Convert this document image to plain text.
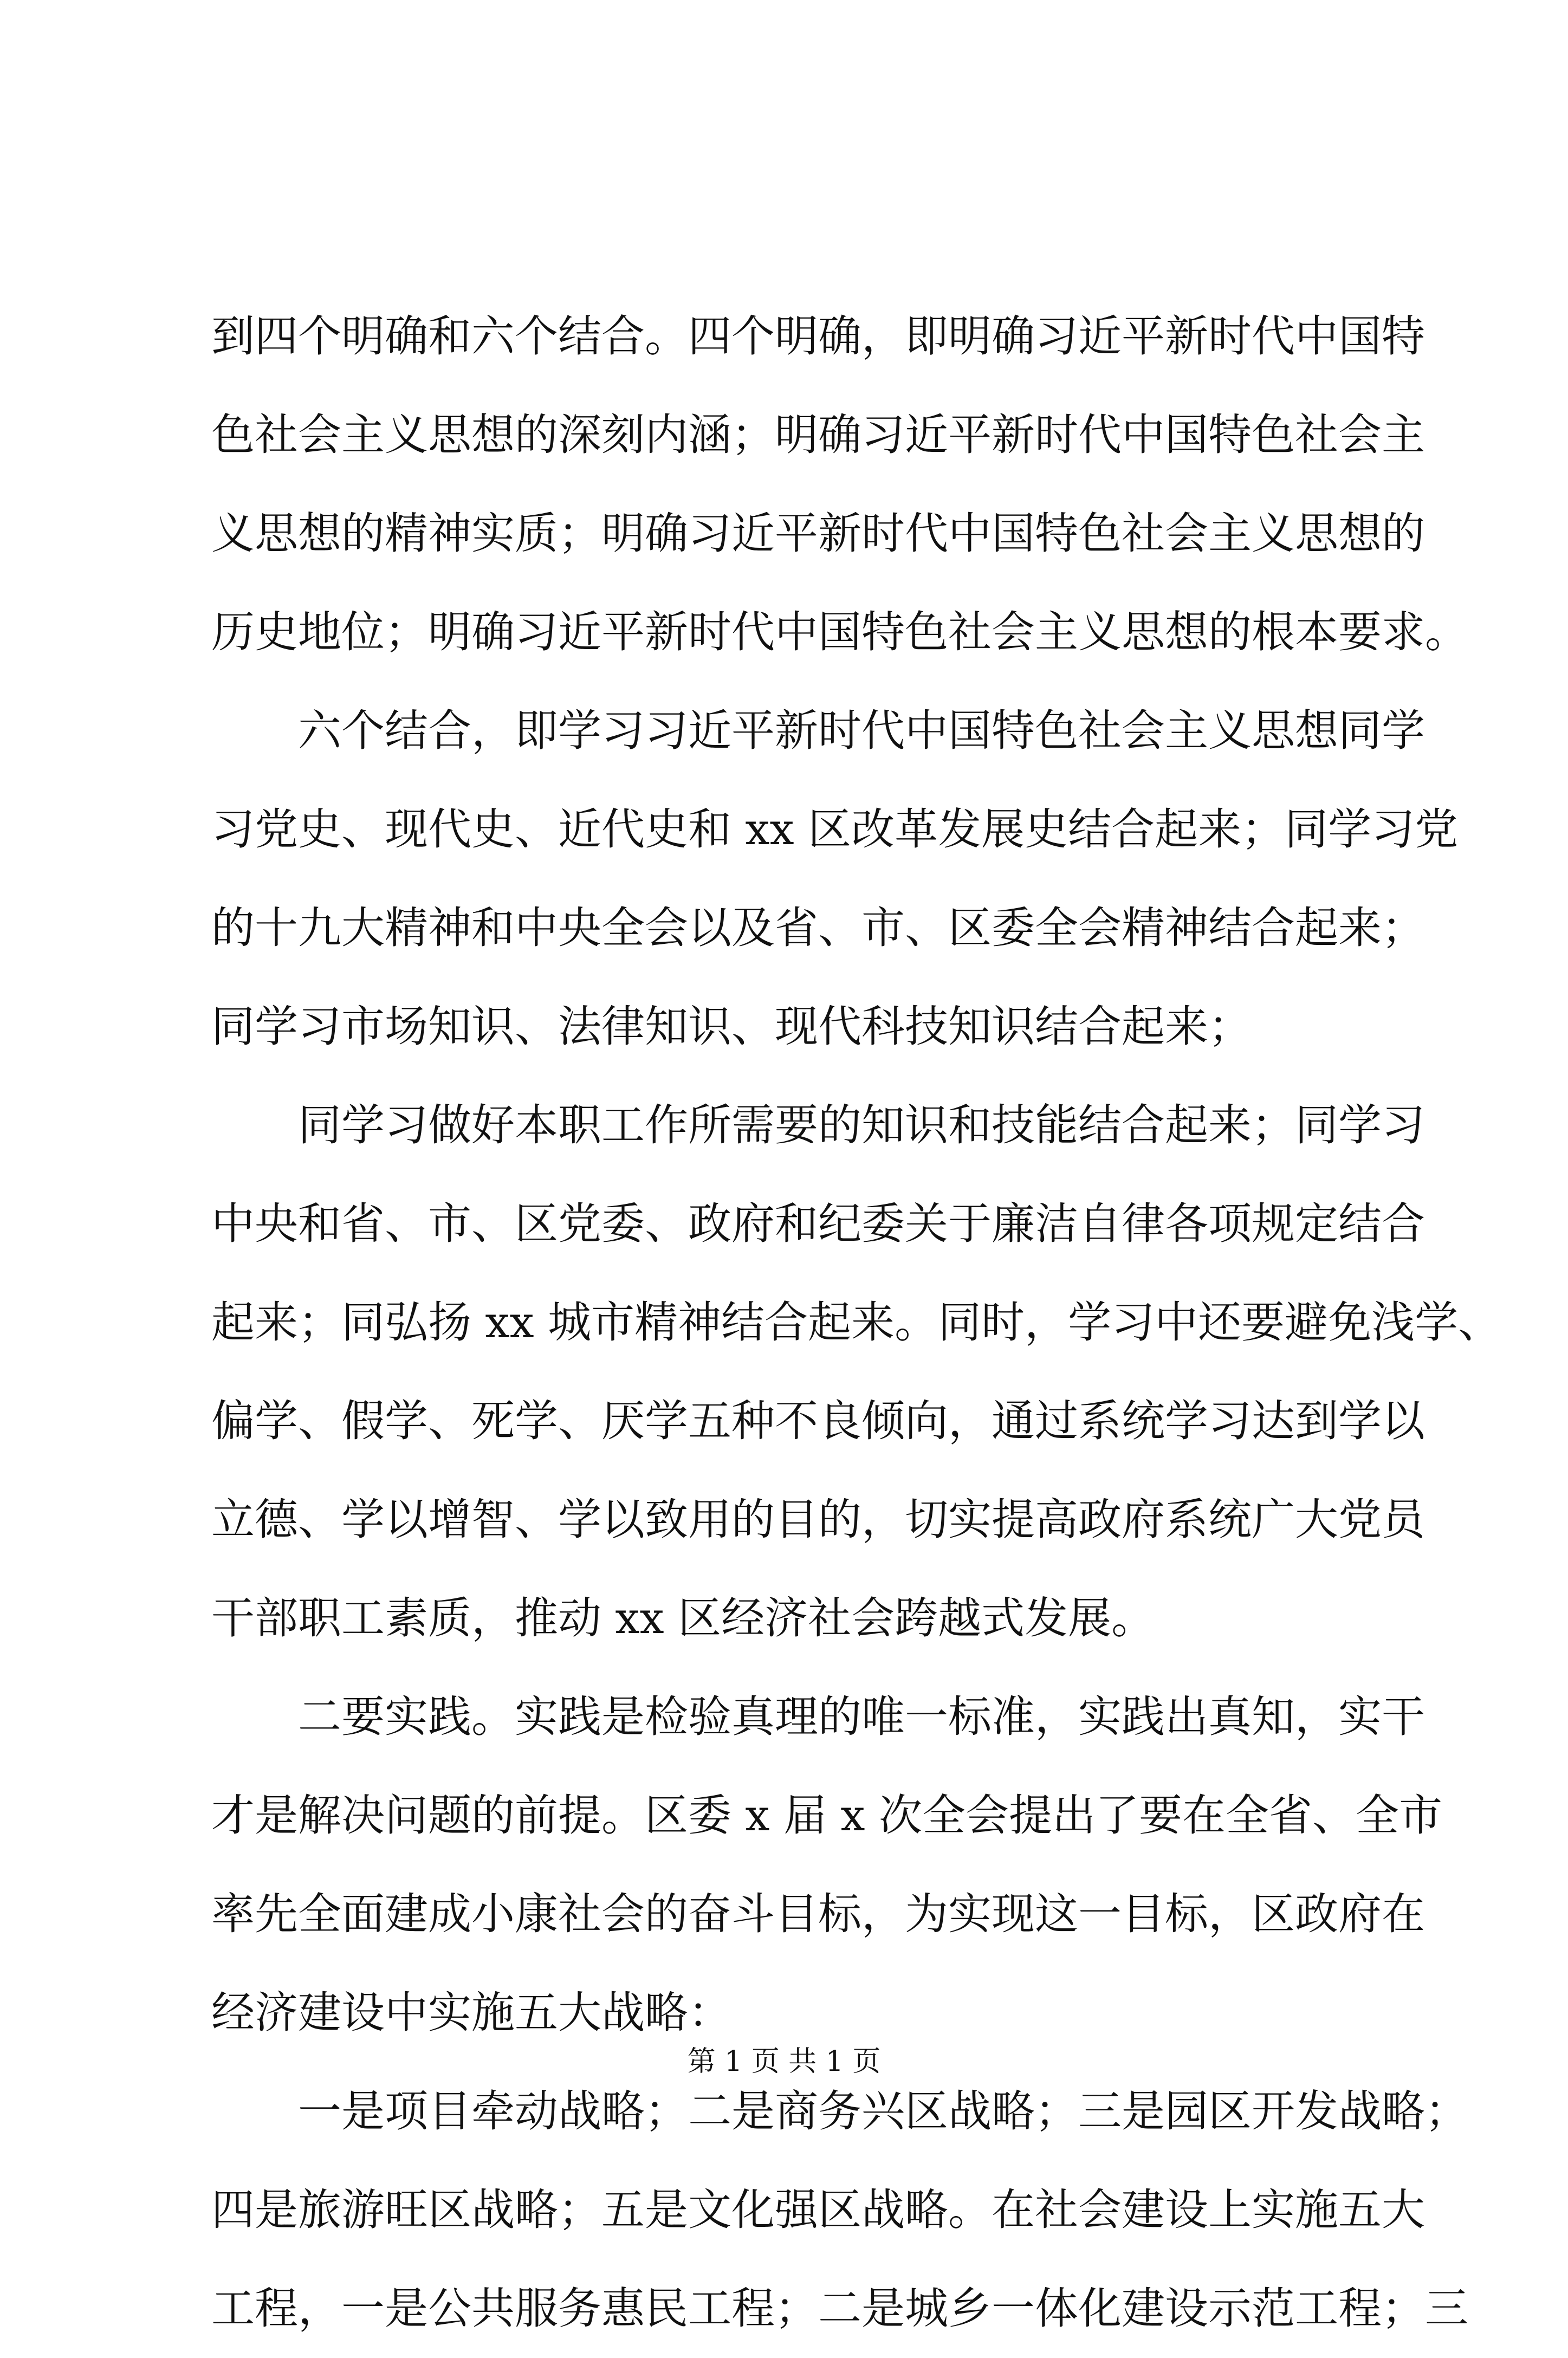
到四个明确和六个结合。四个明确，即明确习近平新时代中国特
色社会主义思想的深刻内涵；明确习近平新时代中国特色社会主
义思想的精神实质；明确习近平新时代中国特色社会主义思想的
历史地位；明确习近平新时代中国特色社会主义思想的根本要求。
六个结合，即学习习近平新时代中国特色社会主义思想同学
习党史、现代史、近代史和 xx 区改革发展史结合起来；同学习党
的十九大精神和中央全会以及省、市、区委全会精神结合起来；
同学习市场知识、法律知识、现代科技知识结合起来；
同学习做好本职工作所需要的知识和技能结合起来；同学习
中央和省、市、区党委、政府和纪委关于廉洁自律各项规定结合
起来；同弘扬 xx 城市精神结合起来。同时，学习中还要避免浅学、
偏学、假学、死学、厌学五种不良倾向，通过系统学习达到学以
立德、学以增智、学以致用的目的，切实提高政府系统广大党员
干部职工素质，推动 xx 区经济社会跨越式发展。
二要实践。实践是检验真理的唯一标准，实践出真知，实干
才是解决问题的前提。区委 x 届 x 次全会提出了要在全省、全市
率先全面建成小康社会的奋斗目标，为实现这一目标，区政府在
经济建设中实施五大战略：
一是项目牵动战略；二是商务兴区战略；三是园区开发战略；
四是旅游旺区战略；五是文化强区战略。在社会建设上实施五大
工程，一是公共服务惠民工程；二是城乡一体化建设示范工程；三
第 1 页 共 1 页
